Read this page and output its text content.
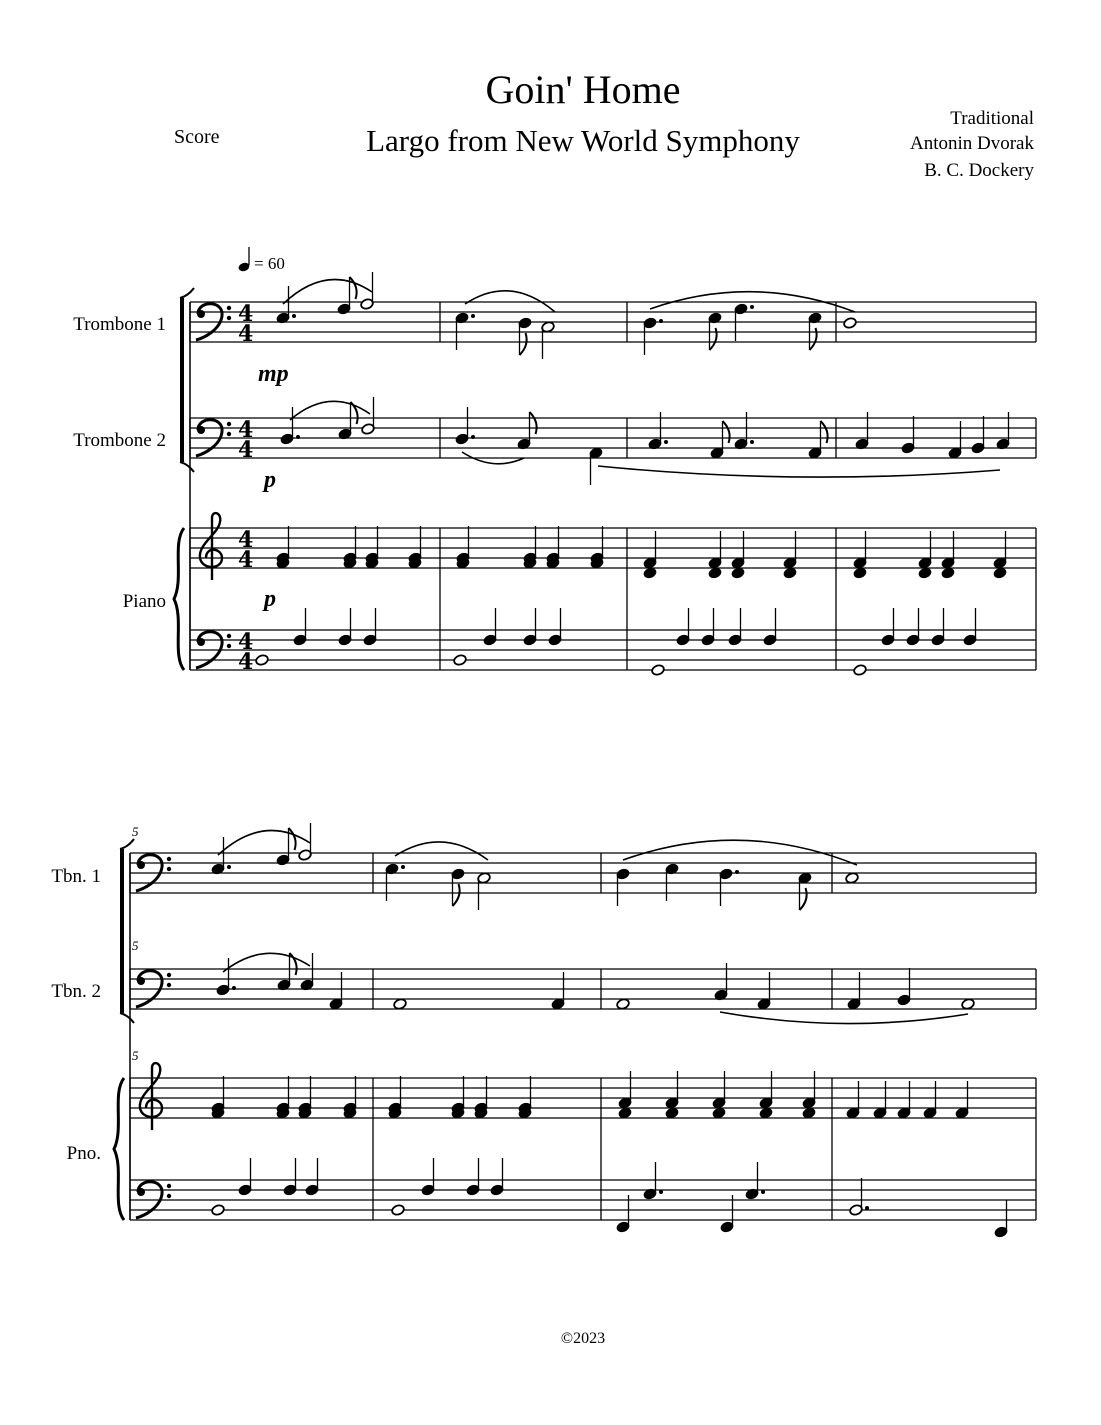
Goin' Home
Largo from New World Symphony
Score
Traditional
Antonin Dvorak
B. C. Dockery
4
4
4
4
4
4
4
4
= 60
Trombone 1
Trombone 2
Piano
Tbn. 1
Tbn. 2
Pno.
5
5
5
mp
p
p
©2023
